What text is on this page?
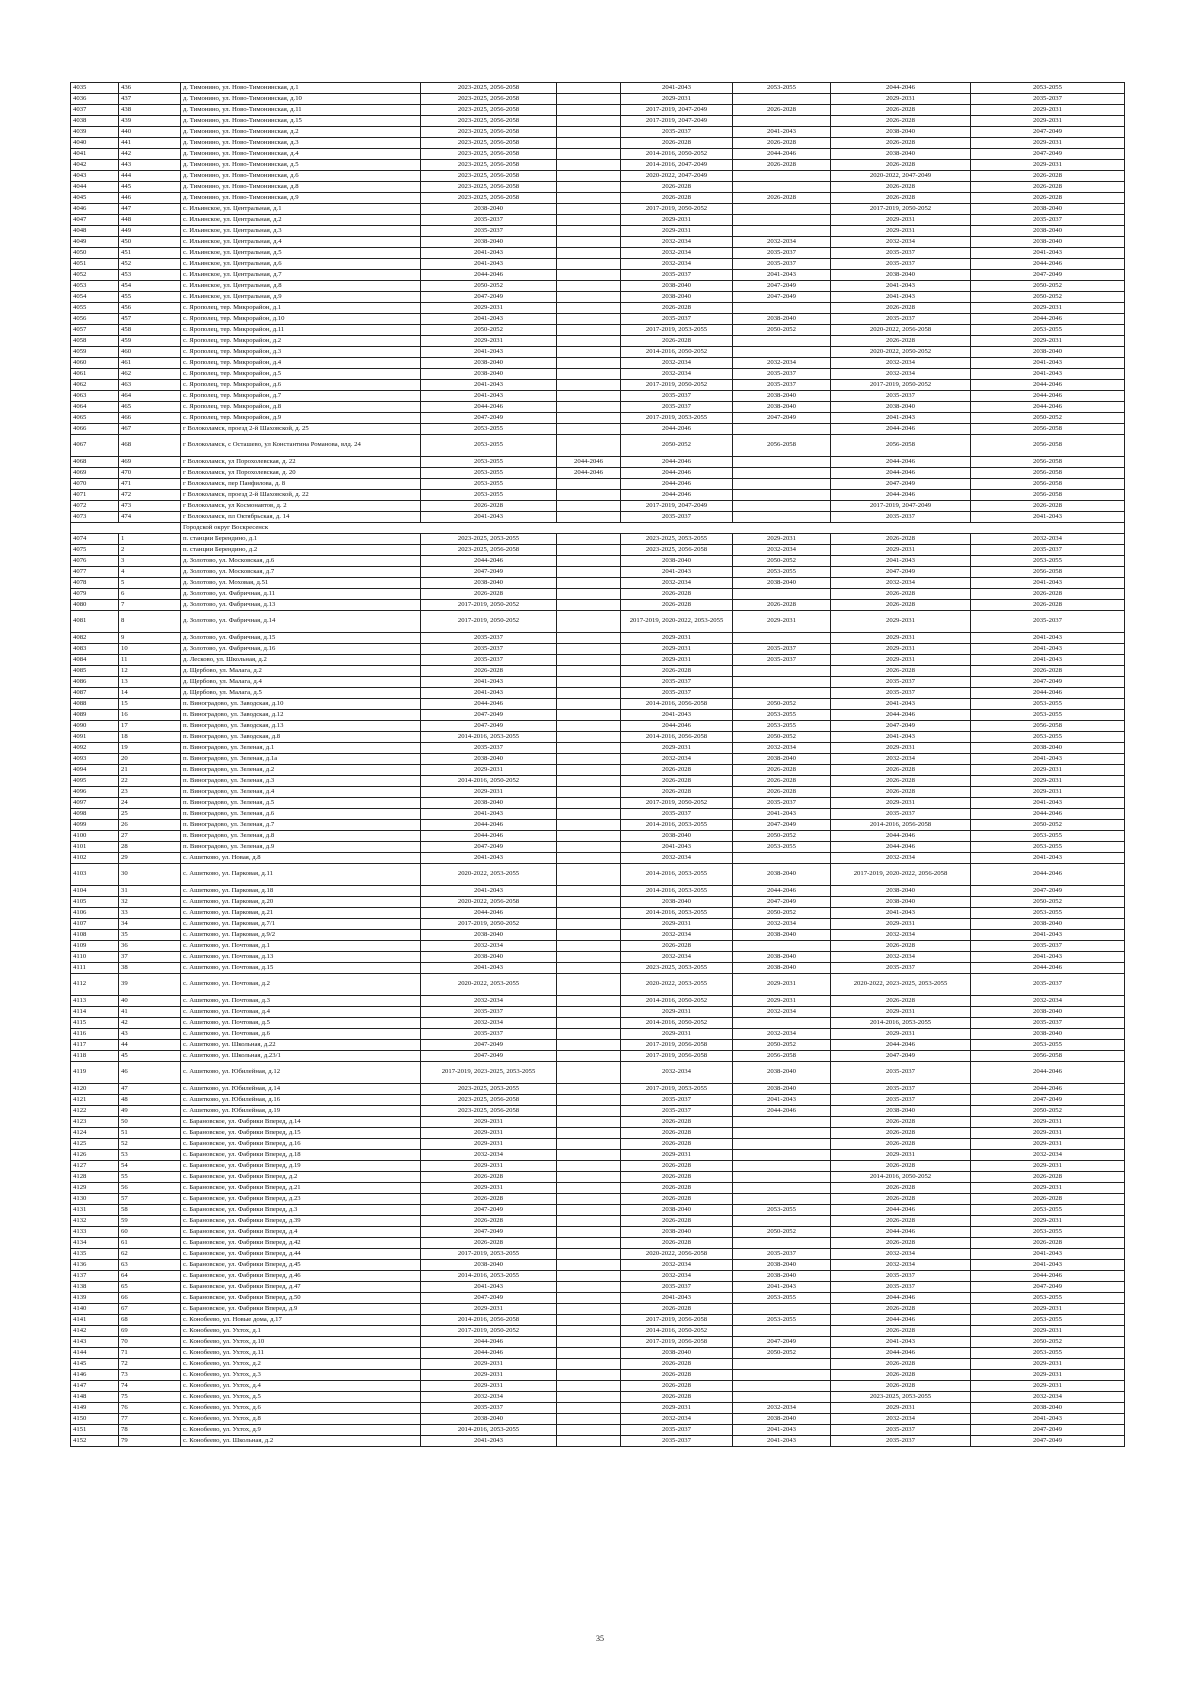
4035	436	д. Тимонино, ул. Ново-Тимонинская, д.1	2023-2025, 2056-2058		2041-2043	2053-2055	2044-2046	2053-2055
4036	437	д. Тимонино, ул. Ново-Тимонинская, д.10	2023-2025, 2056-2058		2029-2031		2029-2031	2035-2037
4037	438	д. Тимонино, ул. Ново-Тимонинская, д.11	2023-2025, 2056-2058		2017-2019, 2047-2049	2026-2028	2026-2028	2029-2031
4038	439	д. Тимонино, ул. Ново-Тимонинская, д.15	2023-2025, 2056-2058		2017-2019, 2047-2049		2026-2028	2029-2031
4039	440	д. Тимонино, ул. Ново-Тимонинская, д.2	2023-2025, 2056-2058		2035-2037	2041-2043	2038-2040	2047-2049
4040	441	д. Тимонино, ул. Ново-Тимонинская, д.3	2023-2025, 2056-2058		2026-2028	2026-2028	2026-2028	2029-2031
4041	442	д. Тимонино, ул. Ново-Тимонинская, д.4	2023-2025, 2056-2058		2014-2016, 2050-2052	2044-2046	2038-2040	2047-2049
4042	443	д. Тимонино, ул. Ново-Тимонинская, д.5	2023-2025, 2056-2058		2014-2016, 2047-2049	2026-2028	2026-2028	2029-2031
4043	444	д. Тимонино, ул. Ново-Тимонинская, д.6	2023-2025, 2056-2058		2020-2022, 2047-2049		2020-2022, 2047-2049	2026-2028
4044	445	д. Тимонино, ул. Ново-Тимонинская, д.8	2023-2025, 2056-2058		2026-2028		2026-2028	2026-2028
4045	446	д. Тимонино, ул. Ново-Тимонинская, д.9	2023-2025, 2056-2058		2026-2028	2026-2028	2026-2028	2026-2028
4046	447	с. Ильинское, ул. Центральная, д.1	2038-2040		2017-2019, 2050-2052		2017-2019, 2050-2052	2038-2040
4047	448	с. Ильинское, ул. Центральная, д.2	2035-2037		2029-2031		2029-2031	2035-2037
4048	449	с. Ильинское, ул. Центральная, д.3	2035-2037		2029-2031		2029-2031	2038-2040
4049	450	с. Ильинское, ул. Центральная, д.4	2038-2040		2032-2034	2032-2034	2032-2034	2038-2040
4050	451	с. Ильинское, ул. Центральная, д.5	2041-2043		2032-2034	2035-2037	2035-2037	2041-2043
4051	452	с. Ильинское, ул. Центральная, д.6	2041-2043		2032-2034	2035-2037	2035-2037	2044-2046
4052	453	с. Ильинское, ул. Центральная, д.7	2044-2046		2035-2037	2041-2043	2038-2040	2047-2049
4053	454	с. Ильинское, ул. Центральная, д.8	2050-2052		2038-2040	2047-2049	2041-2043	2050-2052
4054	455	с. Ильинское, ул. Центральная, д.9	2047-2049		2038-2040	2047-2049	2041-2043	2050-2052
4055	456	с. Ярополец, тер. Микрорайон, д.1	2029-2031		2026-2028		2026-2028	2029-2031
4056	457	с. Ярополец, тер. Микрорайон, д.10	2041-2043		2035-2037	2038-2040	2035-2037	2044-2046
4057	458	с. Ярополец, тер. Микрорайон, д.11	2050-2052		2017-2019, 2053-2055	2050-2052	2020-2022, 2056-2058	2053-2055
4058	459	с. Ярополец, тер. Микрорайон, д.2	2029-2031		2026-2028		2026-2028	2029-2031
4059	460	с. Ярополец, тер. Микрорайон, д.3	2041-2043		2014-2016, 2050-2052		2020-2022, 2050-2052	2038-2040
4060	461	с. Ярополец, тер. Микрорайон, д.4	2038-2040		2032-2034	2032-2034	2032-2034	2041-2043
4061	462	с. Ярополец, тер. Микрорайон, д.5	2038-2040		2032-2034	2035-2037	2032-2034	2041-2043
4062	463	с. Ярополец, тер. Микрорайон, д.6	2041-2043		2017-2019, 2050-2052	2035-2037	2017-2019, 2050-2052	2044-2046
4063	464	с. Ярополец, тер. Микрорайон, д.7	2041-2043		2035-2037	2038-2040	2035-2037	2044-2046
4064	465	с. Ярополец, тер. Микрорайон, д.8	2044-2046		2035-2037	2038-2040	2038-2040	2044-2046
4065	466	с. Ярополец, тер. Микрорайон, д.9	2047-2049		2017-2019, 2053-2055	2047-2049	2041-2043	2050-2052
4066	467	г Волоколамск, проезд 2-й Шаховской, д. 25	2053-2055		2044-2046		2044-2046	2056-2058
4067	468	г Волоколамск, с Осташево, ул Константина Романова, влд. 24	2053-2055		2050-2052	2056-2058	2056-2058	2056-2058
4068	469	г Волоколамск, ул Порохолевская, д. 22	2053-2055	2044-2046	2044-2046		2044-2046	2056-2058
4069	470	г Волоколамск, ул Порохолевская, д. 20	2053-2055	2044-2046	2044-2046		2044-2046	2056-2058
4070	471	г Волоколамск, пер Панфилова, д. 8	2053-2055		2044-2046		2047-2049	2056-2058
4071	472	г Волоколамск, проезд 2-й Шаховской, д. 22	2053-2055		2044-2046		2044-2046	2056-2058
4072	473	г Волоколамск, ул Космонавтов, д. 2	2026-2028		2017-2019, 2047-2049		2017-2019, 2047-2049	2026-2028
4073	474	г Волоколамск, пл Октябрьская, д. 14	2041-2043		2035-2037		2035-2037	2041-2043
		Городской округ Воскресенск						
4074	1	п. станции Берендино, д.1	2023-2025, 2053-2055		2023-2025, 2053-2055	2029-2031	2026-2028	2032-2034
4075	2	п. станции Берендино, д.2	2023-2025, 2056-2058		2023-2025, 2056-2058	2032-2034	2029-2031	2035-2037
4076	3	д. Золотово, ул. Московская, д.6	2044-2046		2038-2040	2050-2052	2041-2043	2053-2055
4077	4	д. Золотово, ул. Московская, д.7	2047-2049		2041-2043	2053-2055	2047-2049	2056-2058
4078	5	д. Золотово, ул. Моховая, д.51	2038-2040		2032-2034	2038-2040	2032-2034	2041-2043
4079	6	д. Золотово, ул. Фабричная, д.11	2026-2028		2026-2028		2026-2028	2026-2028
4080	7	д. Золотово, ул. Фабричная, д.13	2017-2019, 2050-2052		2026-2028	2026-2028	2026-2028	2026-2028
4081	8	д. Золотово, ул. Фабричная, д.14	2017-2019, 2050-2052		2017-2019, 2020-2022, 2053-2055	2029-2031	2029-2031	2035-2037
4082	9	д. Золотово, ул. Фабричная, д.15	2035-2037		2029-2031		2029-2031	2041-2043
4083	10	д. Золотово, ул. Фабричная, д.16	2035-2037		2029-2031	2035-2037	2029-2031	2041-2043
4084	11	д. Лесково, ул. Школьная, д.2	2035-2037		2029-2031	2035-2037	2029-2031	2041-2043
4085	12	д. Щербово, ул. Малага, д.2	2026-2028		2026-2028		2026-2028	2026-2028
4086	13	д. Щербово, ул. Малага, д.4	2041-2043		2035-2037		2035-2037	2047-2049
4087	14	д. Щербово, ул. Малага, д.5	2041-2043		2035-2037		2035-2037	2044-2046
4088	15	п. Виноградово, ул. Заводская, д.10	2044-2046		2014-2016, 2056-2058	2050-2052	2041-2043	2053-2055
4089	16	п. Виноградово, ул. Заводская, д.12	2047-2049		2041-2043	2053-2055	2044-2046	2053-2055
4090	17	п. Виноградово, ул. Заводская, д.13	2047-2049		2044-2046	2053-2055	2047-2049	2056-2058
4091	18	п. Виноградово, ул. Заводская, д.8	2014-2016, 2053-2055		2014-2016, 2056-2058	2050-2052	2041-2043	2053-2055
4092	19	п. Виноградово, ул. Зеленая, д.1	2035-2037		2029-2031	2032-2034	2029-2031	2038-2040
4093	20	п. Виноградово, ул. Зеленая, д.1а	2038-2040		2032-2034	2038-2040	2032-2034	2041-2043
4094	21	п. Виноградово, ул. Зеленая, д.2	2029-2031		2026-2028	2026-2028	2026-2028	2029-2031
4095	22	п. Виноградово, ул. Зеленая, д.3	2014-2016, 2050-2052		2026-2028	2026-2028	2026-2028	2029-2031
4096	23	п. Виноградово, ул. Зеленая, д.4	2029-2031		2026-2028	2026-2028	2026-2028	2029-2031
4097	24	п. Виноградово, ул. Зеленая, д.5	2038-2040		2017-2019, 2050-2052	2035-2037	2029-2031	2041-2043
4098	25	п. Виноградово, ул. Зеленая, д.6	2041-2043		2035-2037	2041-2043	2035-2037	2044-2046
4099	26	п. Виноградово, ул. Зеленая, д.7	2044-2046		2014-2016, 2053-2055	2047-2049	2014-2016, 2056-2058	2050-2052
4100	27	п. Виноградово, ул. Зеленая, д.8	2044-2046		2038-2040	2050-2052	2044-2046	2053-2055
4101	28	п. Виноградово, ул. Зеленая, д.9	2047-2049		2041-2043	2053-2055	2044-2046	2053-2055
4102	29	с. Ашитково, ул. Новая, д.8	2041-2043		2032-2034		2032-2034	2041-2043
4103	30	с. Ашитково, ул. Парковая, д.11	2020-2022, 2053-2055		2014-2016, 2053-2055	2038-2040	2017-2019, 2020-2022, 2056-2058	2044-2046
4104	31	с. Ашитково, ул. Парковая, д.18	2041-2043		2014-2016, 2053-2055	2044-2046	2038-2040	2047-2049
4105	32	с. Ашитково, ул. Парковая, д.20	2020-2022, 2056-2058		2038-2040	2047-2049	2038-2040	2050-2052
4106	33	с. Ашитково, ул. Парковая, д.21	2044-2046		2014-2016, 2053-2055	2050-2052	2041-2043	2053-2055
4107	34	с. Ашитково, ул. Парковая, д.7/1	2017-2019, 2050-2052		2029-2031	2032-2034	2029-2031	2038-2040
4108	35	с. Ашитково, ул. Парковая, д.9/2	2038-2040		2032-2034	2038-2040	2032-2034	2041-2043
4109	36	с. Ашитково, ул. Почтовая, д.1	2032-2034		2026-2028		2026-2028	2035-2037
4110	37	с. Ашитково, ул. Почтовая, д.13	2038-2040		2032-2034	2038-2040	2032-2034	2041-2043
4111	38	с. Ашитково, ул. Почтовая, д.15	2041-2043		2023-2025, 2053-2055	2038-2040	2035-2037	2044-2046
4112	39	с. Ашитково, ул. Почтовая, д.2	2020-2022, 2053-2055		2020-2022, 2053-2055	2029-2031	2020-2022, 2023-2025, 2053-2055	2035-2037
4113	40	с. Ашитково, ул. Почтовая, д.3	2032-2034		2014-2016, 2050-2052	2029-2031	2026-2028	2032-2034
4114	41	с. Ашитково, ул. Почтовая, д.4	2035-2037		2029-2031	2032-2034	2029-2031	2038-2040
4115	42	с. Ашитково, ул. Почтовая, д.5	2032-2034		2014-2016, 2050-2052		2014-2016, 2053-2055	2035-2037
4116	43	с. Ашитково, ул. Почтовая, д.6	2035-2037		2029-2031	2032-2034	2029-2031	2038-2040
4117	44	с. Ашитково, ул. Школьная, д.22	2047-2049		2017-2019, 2056-2058	2050-2052	2044-2046	2053-2055
4118	45	с. Ашитково, ул. Школьная, д.23/1	2047-2049		2017-2019, 2056-2058	2056-2058	2047-2049	2056-2058
4119	46	с. Ашитково, ул. Юбилейная, д.12	2017-2019, 2023-2025, 2053-2055		2032-2034	2038-2040	2035-2037	2044-2046
4120	47	с. Ашитково, ул. Юбилейная, д.14	2023-2025, 2053-2055		2017-2019, 2053-2055	2038-2040	2035-2037	2044-2046
4121	48	с. Ашитково, ул. Юбилейная, д.16	2023-2025, 2056-2058		2035-2037	2041-2043	2035-2037	2047-2049
4122	49	с. Ашитково, ул. Юбилейная, д.19	2023-2025, 2056-2058		2035-2037	2044-2046	2038-2040	2050-2052
4123	50	с. Барановское, ул. Фабрики Вперед, д.14	2029-2031		2026-2028		2026-2028	2029-2031
4124	51	с. Барановское, ул. Фабрики Вперед, д.15	2029-2031		2026-2028		2026-2028	2029-2031
4125	52	с. Барановское, ул. Фабрики Вперед, д.16	2029-2031		2026-2028		2026-2028	2029-2031
4126	53	с. Барановское, ул. Фабрики Вперед, д.18	2032-2034		2029-2031		2029-2031	2032-2034
4127	54	с. Барановское, ул. Фабрики Вперед, д.19	2029-2031		2026-2028		2026-2028	2029-2031
4128	55	с. Барановское, ул. Фабрики Вперед, д.2	2026-2028		2026-2028		2014-2016, 2050-2052	2026-2028
4129	56	с. Барановское, ул. Фабрики Вперед, д.21	2029-2031		2026-2028		2026-2028	2029-2031
4130	57	с. Барановское, ул. Фабрики Вперед, д.23	2026-2028		2026-2028		2026-2028	2026-2028
4131	58	с. Барановское, ул. Фабрики Вперед, д.3	2047-2049		2038-2040	2053-2055	2044-2046	2053-2055
4132	59	с. Барановское, ул. Фабрики Вперед, д.39	2026-2028		2026-2028		2026-2028	2029-2031
4133	60	с. Барановское, ул. Фабрики Вперед, д.4	2047-2049		2038-2040	2050-2052	2044-2046	2053-2055
4134	61	с. Барановское, ул. Фабрики Вперед, д.42	2026-2028		2026-2028		2026-2028	2026-2028
4135	62	с. Барановское, ул. Фабрики Вперед, д.44	2017-2019, 2053-2055		2020-2022, 2056-2058	2035-2037	2032-2034	2041-2043
4136	63	с. Барановское, ул. Фабрики Вперед, д.45	2038-2040		2032-2034	2038-2040	2032-2034	2041-2043
4137	64	с. Барановское, ул. Фабрики Вперед, д.46	2014-2016, 2053-2055		2032-2034	2038-2040	2035-2037	2044-2046
4138	65	с. Барановское, ул. Фабрики Вперед, д.47	2041-2043		2035-2037	2041-2043	2035-2037	2047-2049
4139	66	с. Барановское, ул. Фабрики Вперед, д.50	2047-2049		2041-2043	2053-2055	2044-2046	2053-2055
4140	67	с. Барановское, ул. Фабрики Вперед, д.9	2029-2031		2026-2028		2026-2028	2029-2031
4141	68	с. Конобеево, ул. Новые дома, д.17	2014-2016, 2056-2058		2017-2019, 2056-2058	2053-2055	2044-2046	2053-2055
4142	69	с. Конобеево, ул. Ухтох, д.1	2017-2019, 2050-2052		2014-2016, 2050-2052		2026-2028	2029-2031
4143	70	с. Конобеево, ул. Ухтох, д.10	2044-2046		2017-2019, 2056-2058	2047-2049	2041-2043	2050-2052
4144	71	с. Конобеево, ул. Ухтох, д.11	2044-2046		2038-2040	2050-2052	2044-2046	2053-2055
4145	72	с. Конобеево, ул. Ухтох, д.2	2029-2031		2026-2028		2026-2028	2029-2031
4146	73	с. Конобеево, ул. Ухтох, д.3	2029-2031		2026-2028		2026-2028	2029-2031
4147	74	с. Конобеево, ул. Ухтох, д.4	2029-2031		2026-2028		2026-2028	2029-2031
4148	75	с. Конобеево, ул. Ухтох, д.5	2032-2034		2026-2028		2023-2025, 2053-2055	2032-2034
4149	76	с. Конобеево, ул. Ухтох, д.6	2035-2037		2029-2031	2032-2034	2029-2031	2038-2040
4150	77	с. Конобеево, ул. Ухтох, д.8	2038-2040		2032-2034	2038-2040	2032-2034	2041-2043
4151	78	с. Конобеево, ул. Ухтох, д.9	2014-2016, 2053-2055		2035-2037	2041-2043	2035-2037	2047-2049
4152	79	с. Конобеево, ул. Школьная, д.2	2041-2043		2035-2037	2041-2043	2035-2037	2047-2049
35
